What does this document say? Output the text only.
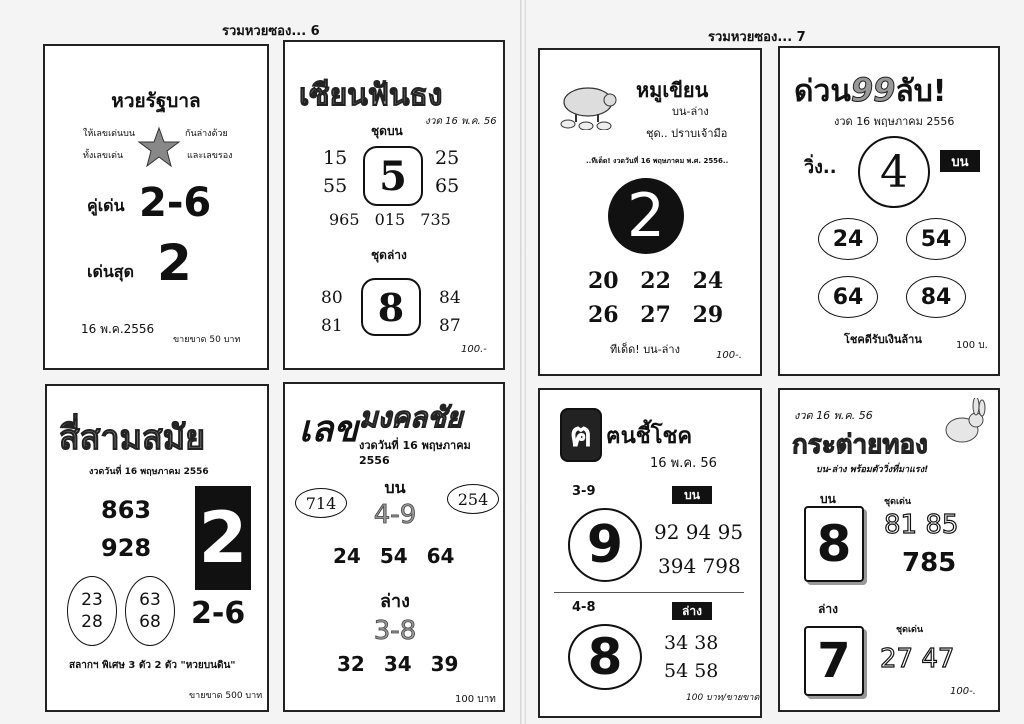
รวมหวยซอง... 6	รวมหวยซอง... 7
หวยรัฐบาล
ให้เลขเด่นบน
ทั้งเลขเด่น
กันล่างด้วย
และเลขรอง
คู่เด่น 2-6
เด่นสุด 2
16 พ.ค.2556
ขายขาด 50 บาท
เซียนฟันธง
งวด 16 พ.ค. 56
ชุดบน
15
55 5	25
65
965 015 735
ชุดล่าง
80
81 8	84
87
100.-
สี่สามสมัย
งวดวันที่ 16 พฤษภาคม 2556
863
928 2
23
28
63
68 2-6
สลากฯ พิเศษ 3 ตัว 2 ตัว "หวยบนดิน"
ขายขาด 500 บาท
เลข มงคลชัย
งวดวันที่ 16 พฤษภาคม 2556
714	254
บน
4-9
24 54 64
ล่าง
3-8
32 34 39
100 บาท
หมูเขียน
บน-ล่าง
ชุด.. ปราบเจ้ามือ
..ทีเด็ด! งวดวันที่ 16 พฤษภาคม พ.ศ. 2556..
2
20 22 24
26 27 29
ทีเด็ด! บน-ล่าง	100-.
ด่วน99ลับ!
งวด 16 พฤษภาคม 2556
วิ่ง.. 4	บน
24	54
64	84
โชคดีรับเงินล้าน	100 บ.
ฅ ฅนชี้โชค
16 พ.ค. 56
3-9	บน
9	92 94 95
394 798
4-8	ล่าง
8	34 38
54 58
100 บาท/ขายขาด
งวด 16 พ.ค. 56
กระต่ายทอง
บน-ล่าง พร้อมตัววิ่งที่มาแรง!
บน	ชุดเด่น
8	81 85
785
ล่าง
ชุดเด่น
7	27 47
100-.
